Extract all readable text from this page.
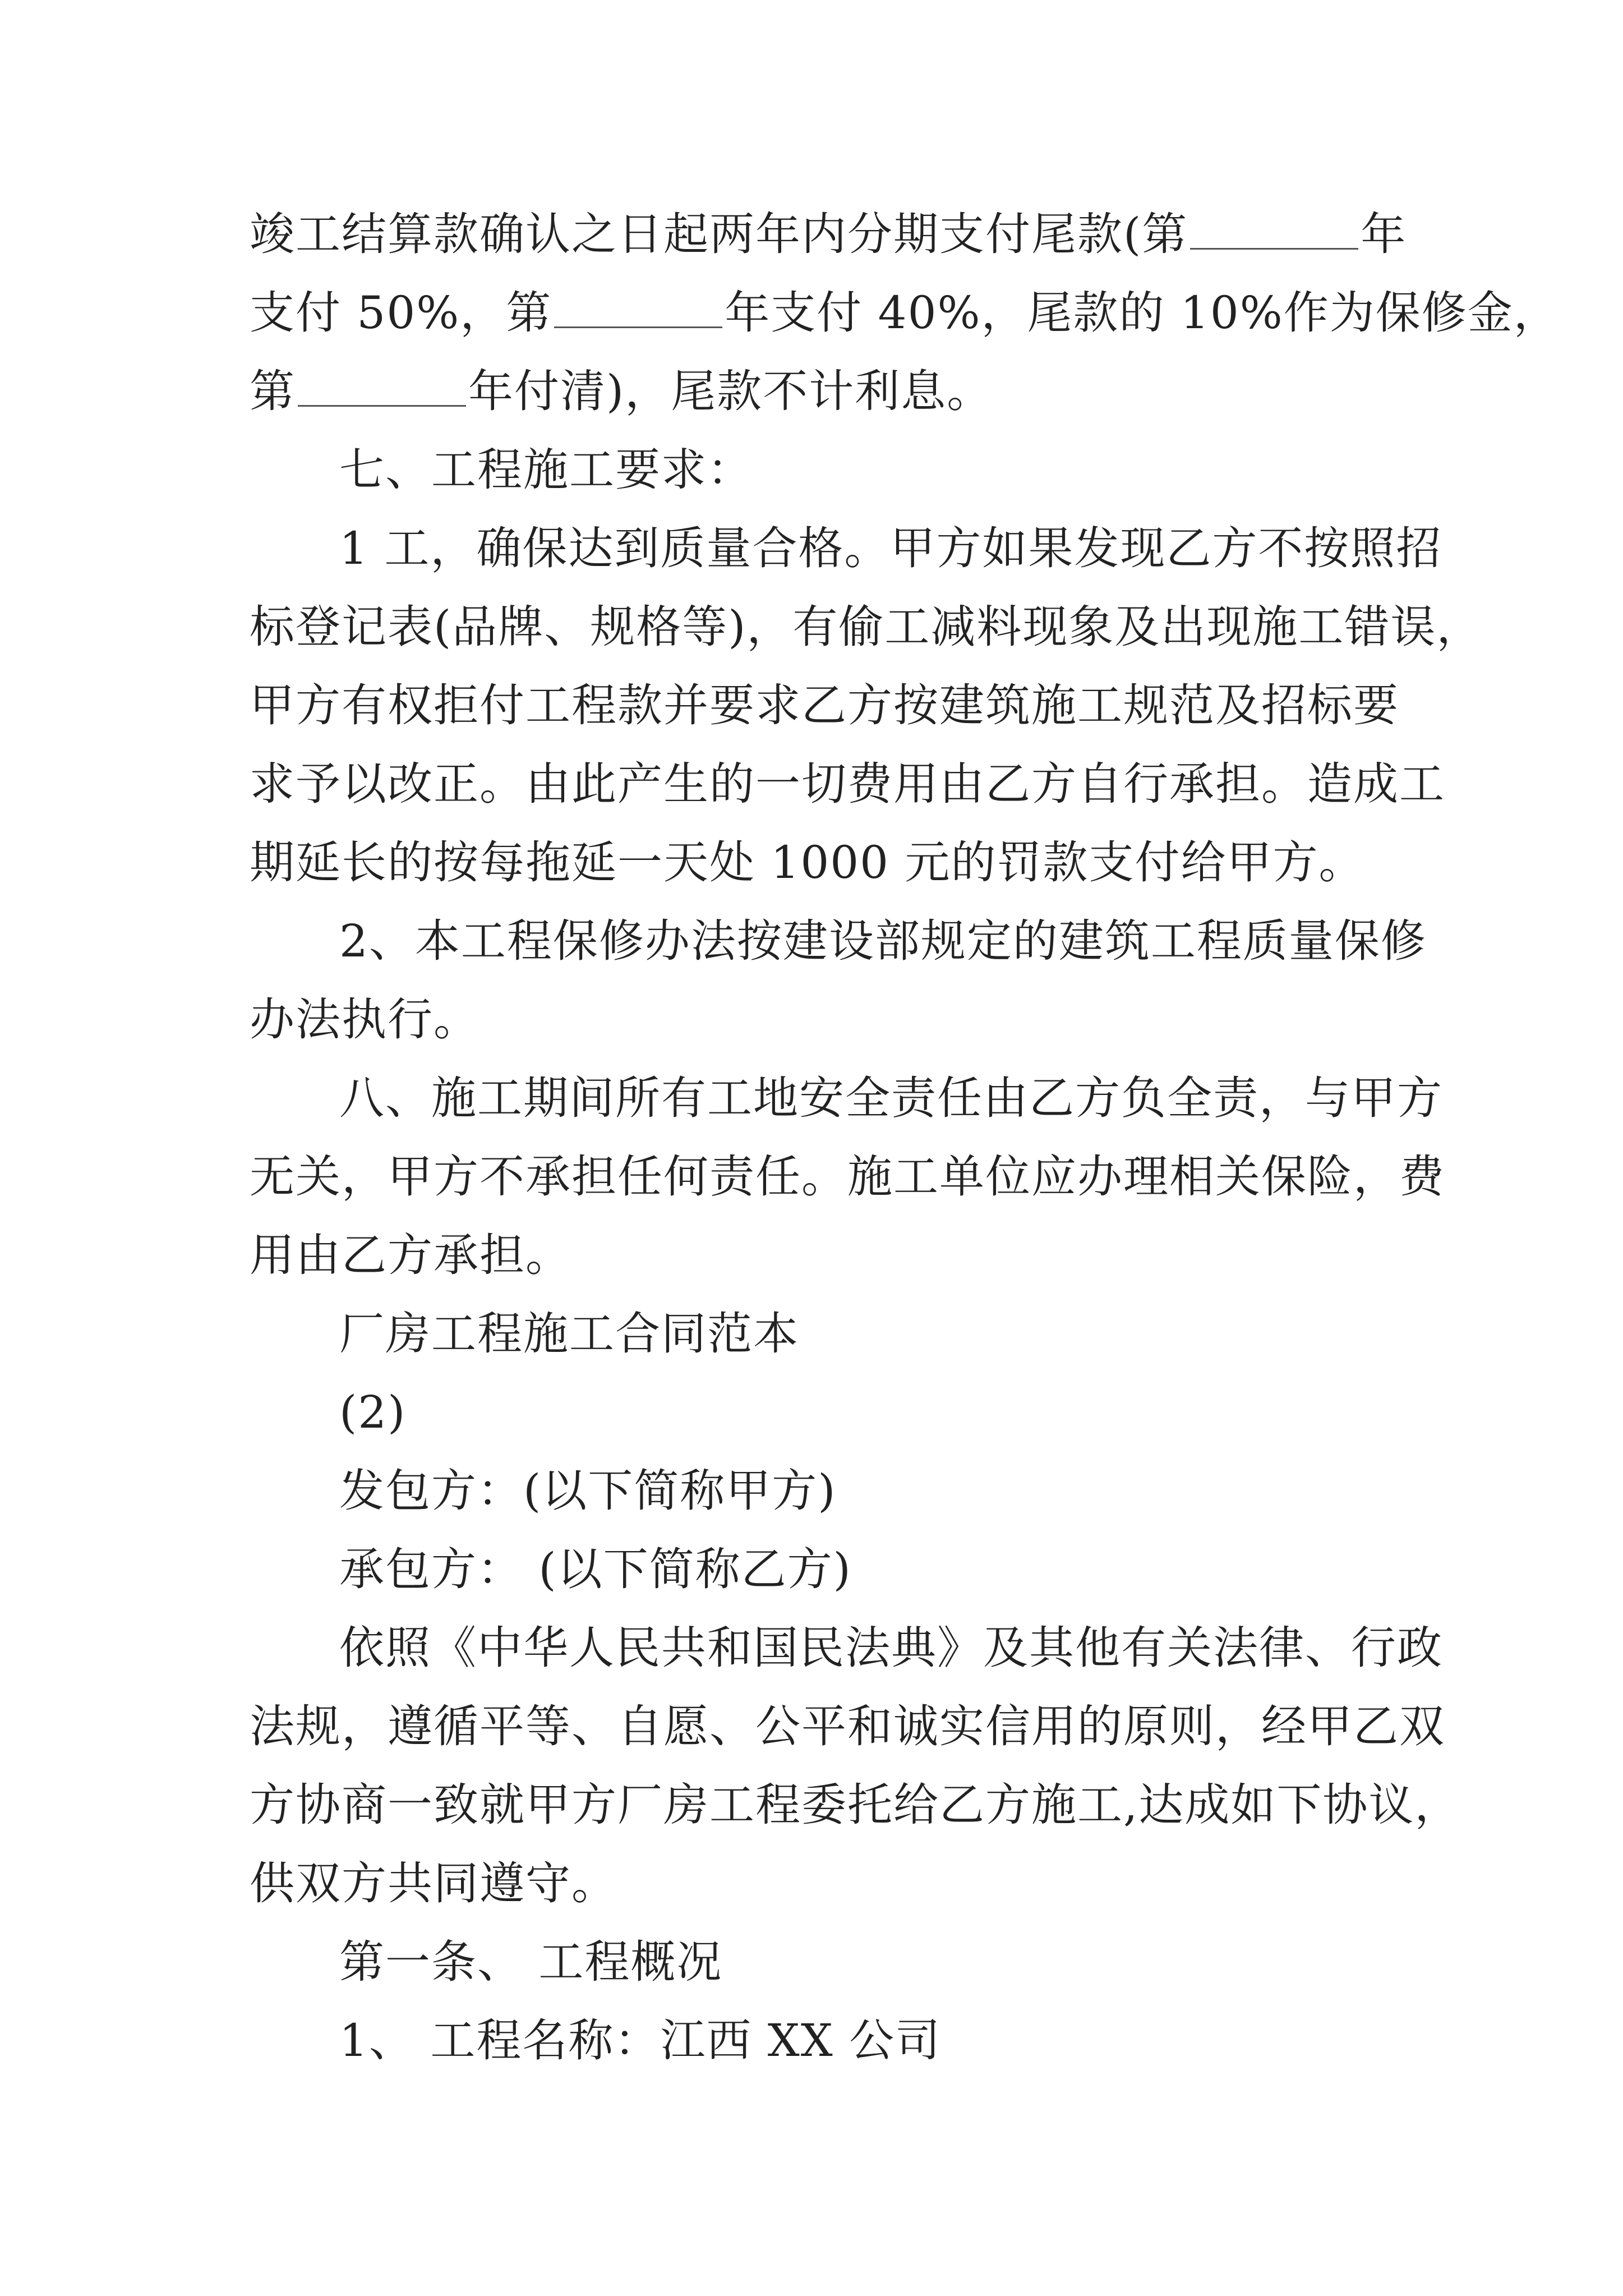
竣工结算款确认之日起两年内分期支付尾款(第	年
支付 50%，第	年支付 40%，尾款的 10%作为保修金，
第	年付清)，尾款不计利息。
七、工程施工要求：
1 工，确保达到质量合格。甲方如果发现乙方不按照招
标登记表(品牌、规格等)，有偷工减料现象及出现施工错误，
甲方有权拒付工程款并要求乙方按建筑施工规范及招标要
求予以改正。由此产生的一切费用由乙方自行承担。造成工
期延长的按每拖延一天处 1000 元的罚款支付给甲方。
2、本工程保修办法按建设部规定的建筑工程质量保修
办法执行。
八、施工期间所有工地安全责任由乙方负全责，与甲方
无关，甲方不承担任何责任。施工单位应办理相关保险，费
用由乙方承担。
厂房工程施工合同范本
(2)
发包方：(以下简称甲方)
承包方： (以下简称乙方)
依照《中华人民共和国民法典》及其他有关法律、行政
法规，遵循平等、自愿、公平和诚实信用的原则，经甲乙双
方协商一致就甲方厂房工程委托给乙方施工,达成如下协议，
供双方共同遵守。
第一条、 工程概况
1、 工程名称：江西 XX 公司
